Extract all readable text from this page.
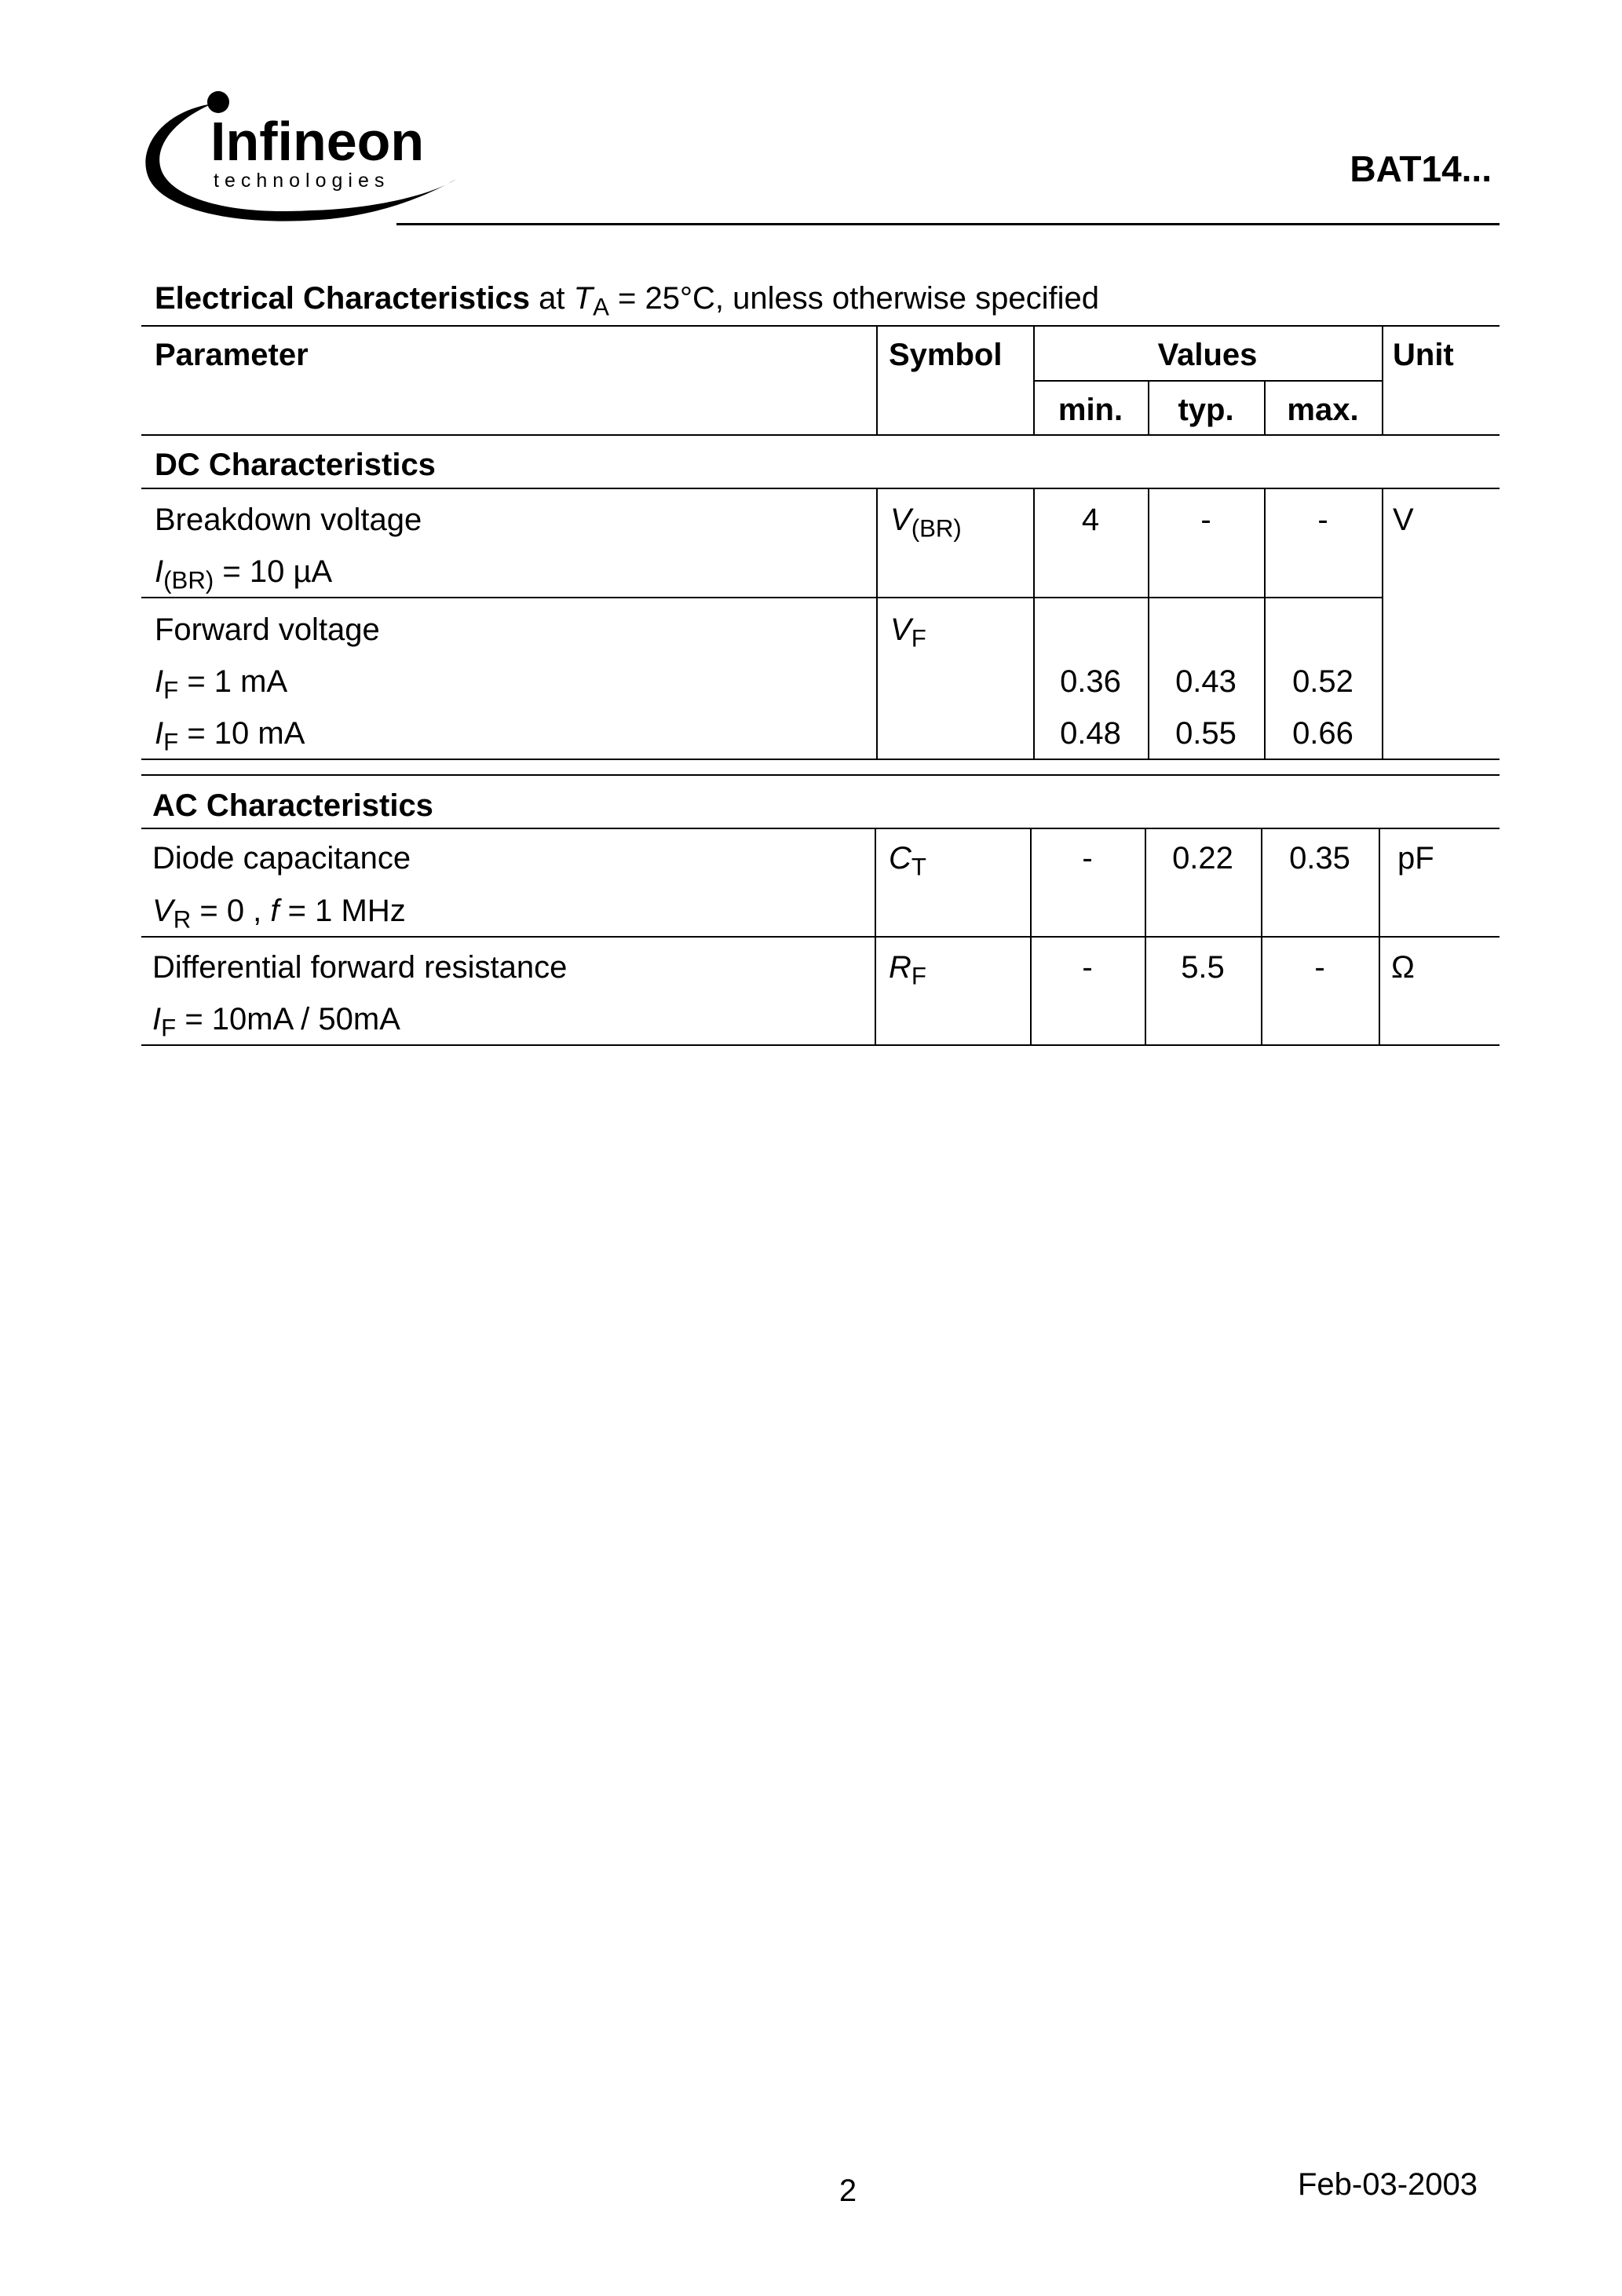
Infineon
technologies	BAT14...
Electrical Characteristics at $T_A = 25^\circ C$, unless otherwise specified
Parameter	Symbol	Values	Unit
min.	typ.	max.
DC Characteristics
Breakdown voltage
$I_{(BR)} = 10$ µA
$V_{(BR)}$	4	-	-	V
Forward voltage	$V_F$
$I_F = 1$ mA	0.36	0.43	0.52
$I_F = 10$ mA	0.48	0.55	0.66
AC Characteristics
Diode capacitance
$V_R = 0$ , f = 1 MHz
$C_T$	-	0.22	0.35	pF
Differential forward resistance
$I_F = 10mA / 50mA$
$R_F$	-	5.5	-	Ω
2	Feb-03-2003
